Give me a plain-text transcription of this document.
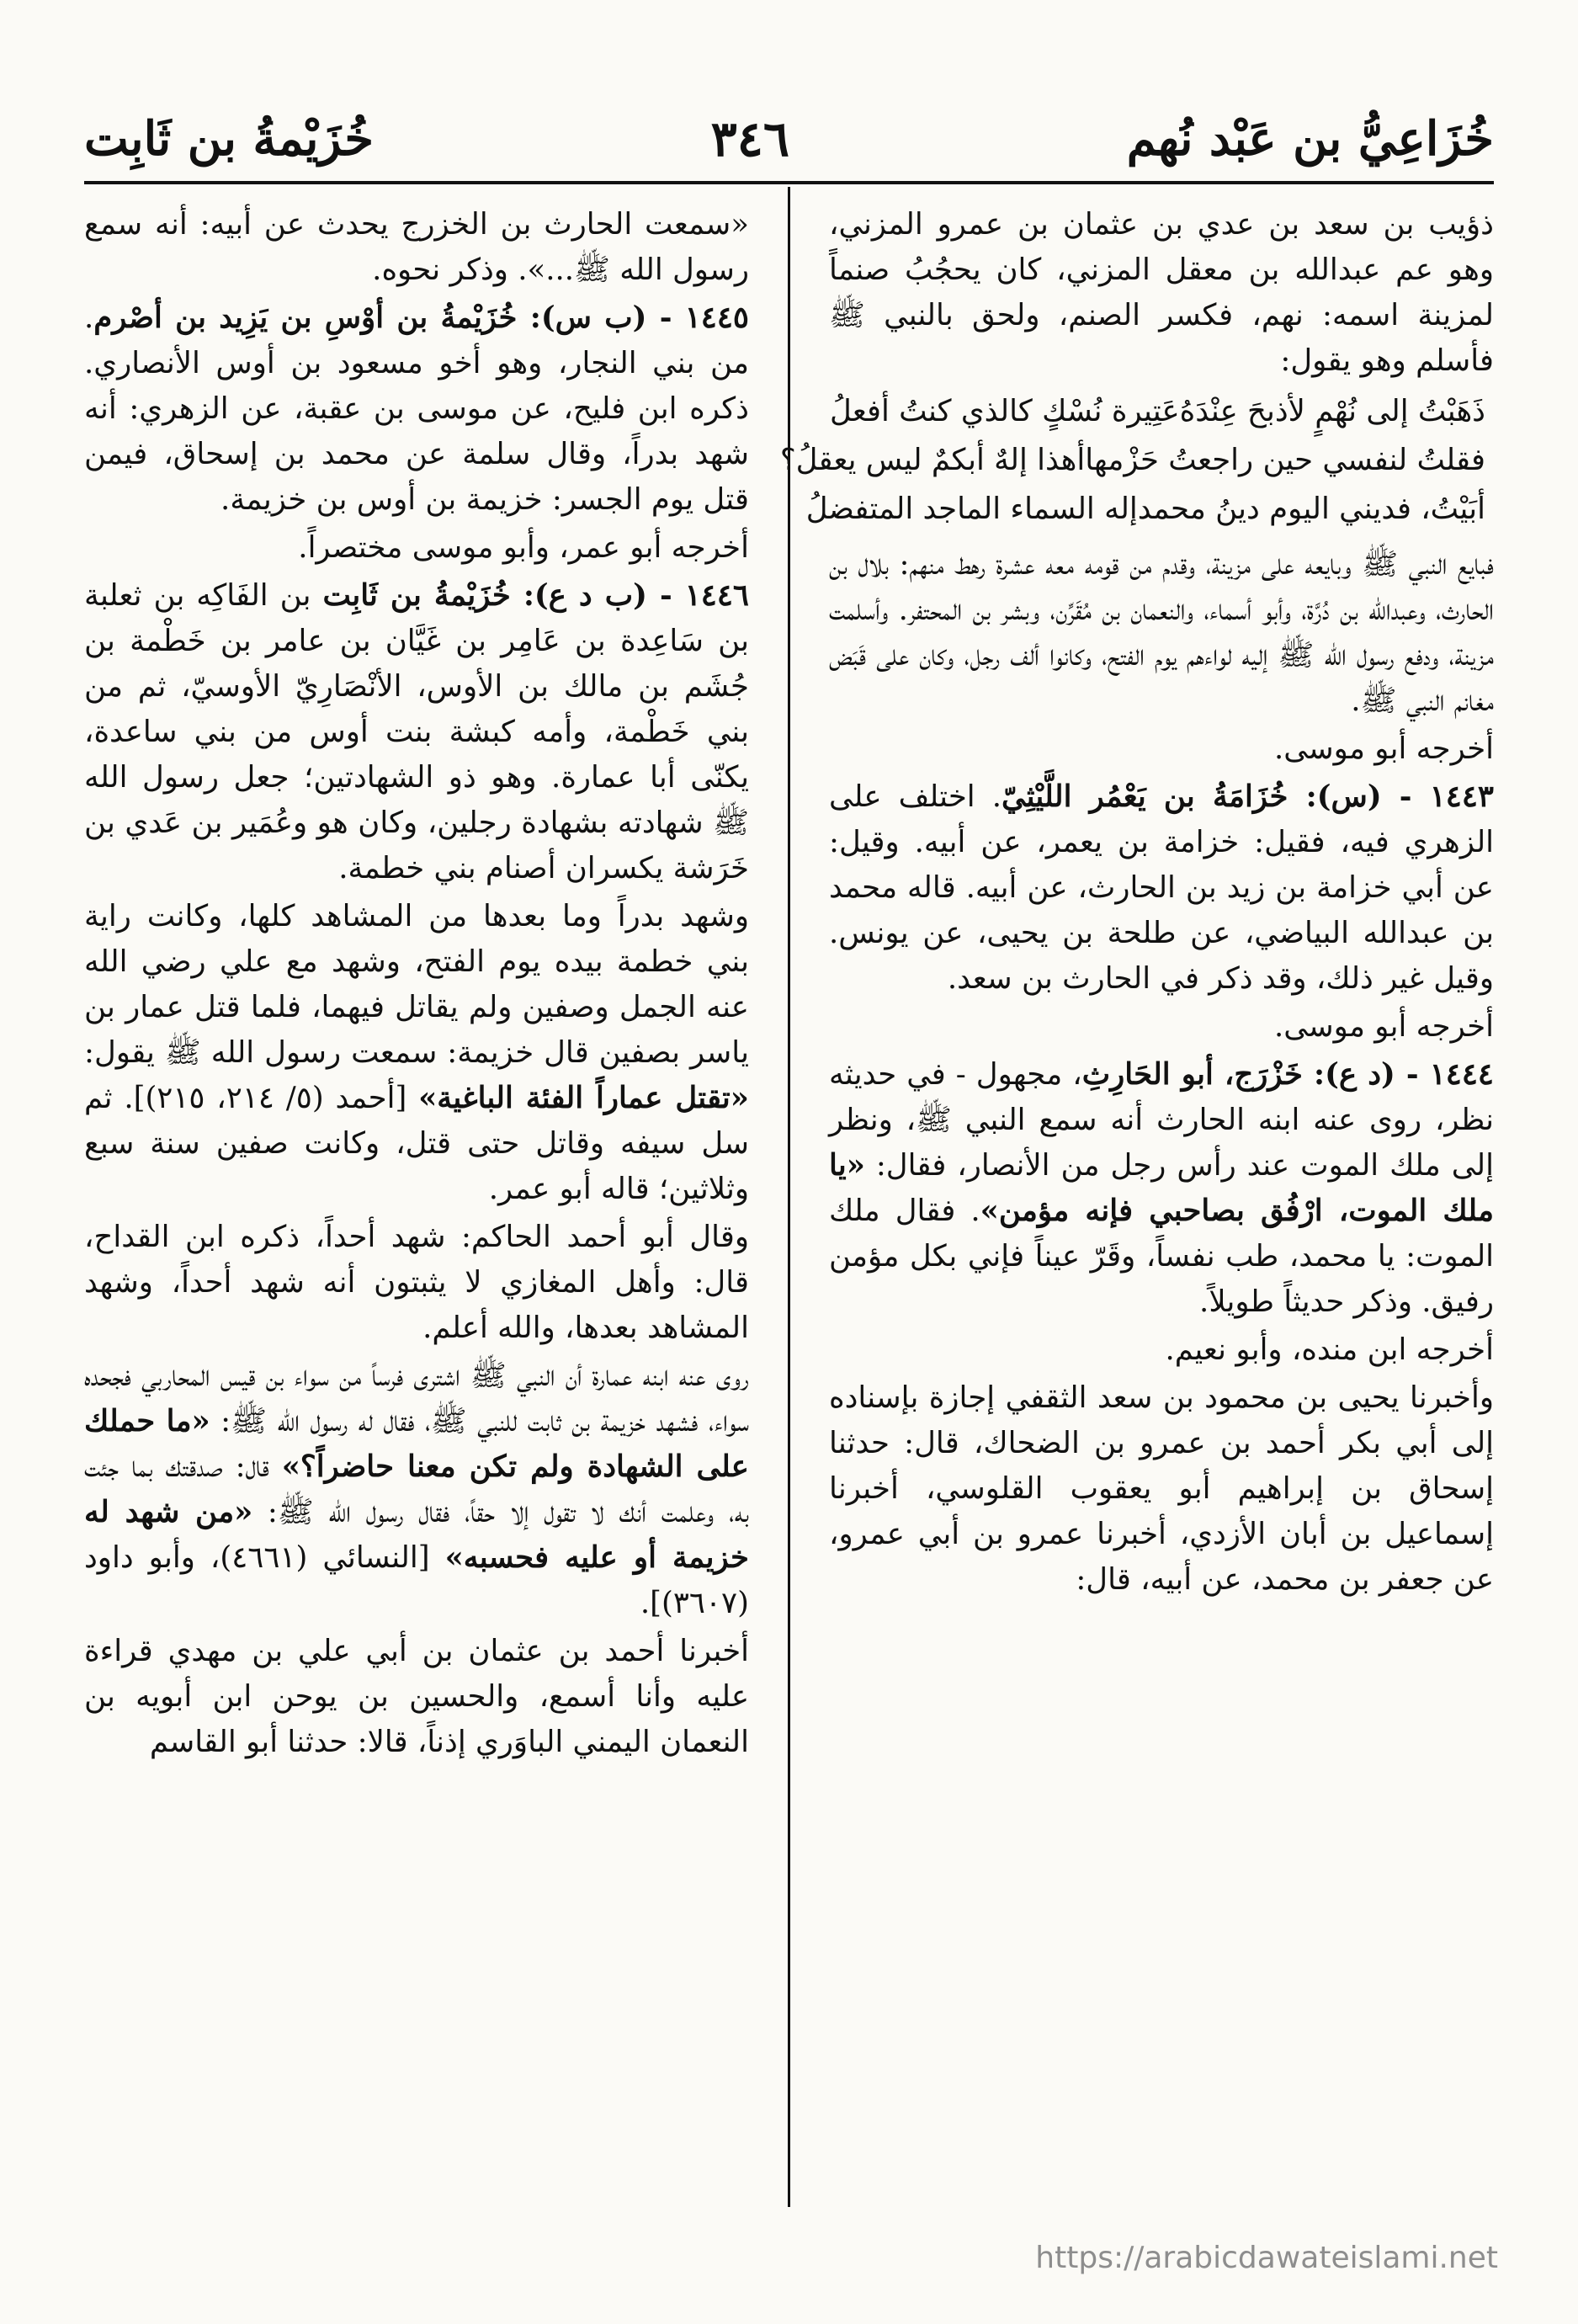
خُزَاعِيُّ بن عَبْد نُهم
٣٤٦
خُزَيْمةُ بن ثَابِت

ذؤيب بن سعد بن عدي بن عثمان بن عمرو المزني، وهو عم عبدالله بن معقل المزني، كان يحجُبُ صنماً لمزينة اسمه: نهم، فكسر الصنم، ولحق بالنبي ﷺ فأسلم وهو يقول:

ذَهَبْتُ إلى نُهْمٍ لأذبحَ عِنْدَهُ
عَتِيرة نُسْكٍ كالذي كنتُ أفعلُ
فقلتُ لنفسي حين راجعتُ حَزْمها
أهذا إلهٌ أبكمٌ ليس يعقلُ؟
أبَيْتُ، فديني اليوم دينُ محمد
إله السماء الماجد المتفضلُ

فبايع النبي ﷺ وبايعه على مزينة، وقدم من قومه معه عشرة رهط منهم: بلال بن الحارث، وعبدالله بن دُرَّة، وأبو أسماء، والنعمان بن مُقَرِّن، وبشر بن المحتفر. وأسلمت مزينة، ودفع رسول الله ﷺ إليه لواءهم يوم الفتح، وكانوا ألف رجل، وكان على قَبَض مغانم النبي ﷺ.

أخرجه أبو موسى.

١٤٤٣ - (س): خُزَامَةُ بن يَعْمُر اللَّيْثِيّ. اختلف على الزهري فيه، فقيل: خزامة بن يعمر، عن أبيه. وقيل: عن أبي خزامة بن زيد بن الحارث، عن أبيه. قاله محمد بن عبدالله البياضي، عن طلحة بن يحيى، عن يونس. وقيل غير ذلك، وقد ذكر في الحارث بن سعد.

أخرجه أبو موسى.

١٤٤٤ - (د ع): خَزْرَج، أبو الحَارِثِ، مجهول - في حديثه نظر، روى عنه ابنه الحارث أنه سمع النبي ﷺ، ونظر إلى ملك الموت عند رأس رجل من الأنصار، فقال: «يا ملك الموت، ارْفُق بصاحبي فإنه مؤمن». فقال ملك الموت: يا محمد، طب نفساً، وقَرّ عيناً فإني بكل مؤمن رفيق. وذكر حديثاً طويلاً.

أخرجه ابن منده، وأبو نعيم.

وأخبرنا يحيى بن محمود بن سعد الثقفي إجازة بإسناده إلى أبي بكر أحمد بن عمرو بن الضحاك، قال: حدثنا إسحاق بن إبراهيم أبو يعقوب القلوسي، أخبرنا إسماعيل بن أبان الأزدي، أخبرنا عمرو بن أبي عمرو، عن جعفر بن محمد، عن أبيه، قال:

«سمعت الحارث بن الخزرج يحدث عن أبيه: أنه سمع رسول الله ﷺ...». وذكر نحوه.

١٤٤٥ - (ب س): خُزَيْمةُ بن أوْسِ بن يَزِيد بن أصْرم. من بني النجار، وهو أخو مسعود بن أوس الأنصاري. ذكره ابن فليح، عن موسى بن عقبة، عن الزهري: أنه شهد بدراً، وقال سلمة عن محمد بن إسحاق، فيمن قتل يوم الجسر: خزيمة بن أوس بن خزيمة.

أخرجه أبو عمر، وأبو موسى مختصراً.

١٤٤٦ - (ب د ع): خُزَيْمةُ بن ثَابِت بن الفَاكِه بن ثعلبة بن سَاعِدة بن عَامِر بن غَيَّان بن عامر بن خَطْمة بن جُشَم بن مالك بن الأوس، الأنْصَارِيّ الأوسيّ، ثم من بني خَطْمة، وأمه كبشة بنت أوس من بني ساعدة، يكنّى أبا عمارة. وهو ذو الشهادتين؛ جعل رسول الله ﷺ شهادته بشهادة رجلين، وكان هو وعُمَير بن عَدي بن خَرَشة يكسران أصنام بني خطمة.

وشهد بدراً وما بعدها من المشاهد كلها، وكانت راية بني خطمة بيده يوم الفتح، وشهد مع علي رضي الله عنه الجمل وصفين ولم يقاتل فيهما، فلما قتل عمار بن ياسر بصفين قال خزيمة: سمعت رسول الله ﷺ يقول: «تقتل عماراً الفئة الباغية» [أحمد (٥/ ٢١٤، ٢١٥)]. ثم سل سيفه وقاتل حتى قتل، وكانت صفين سنة سبع وثلاثين؛ قاله أبو عمر.

وقال أبو أحمد الحاكم: شهد أحداً، ذكره ابن القداح، قال: وأهل المغازي لا يثبتون أنه شهد أحداً، وشهد المشاهد بعدها، والله أعلم.

روى عنه ابنه عمارة أن النبي ﷺ اشترى فرساً من سواء بن قيس المحاربي فجحده سواء، فشهد خزيمة بن ثابت للنبي ﷺ، فقال له رسول الله ﷺ: «ما حملك على الشهادة ولم تكن معنا حاضراً؟» قال: صدقتك بما جئت به، وعلمت أنك لا تقول إلا حقاً، فقال رسول الله ﷺ: «من شهد له خزيمة أو عليه فحسبه» [النسائي (٤٦٦١)، وأبو داود (٣٦٠٧)].

أخبرنا أحمد بن عثمان بن أبي علي بن مهدي قراءة عليه وأنا أسمع، والحسين بن يوحن ابن أبويه بن النعمان اليمني الباوَري إذناً، قالا: حدثنا أبو القاسم

https://arabicdawateislami.net
